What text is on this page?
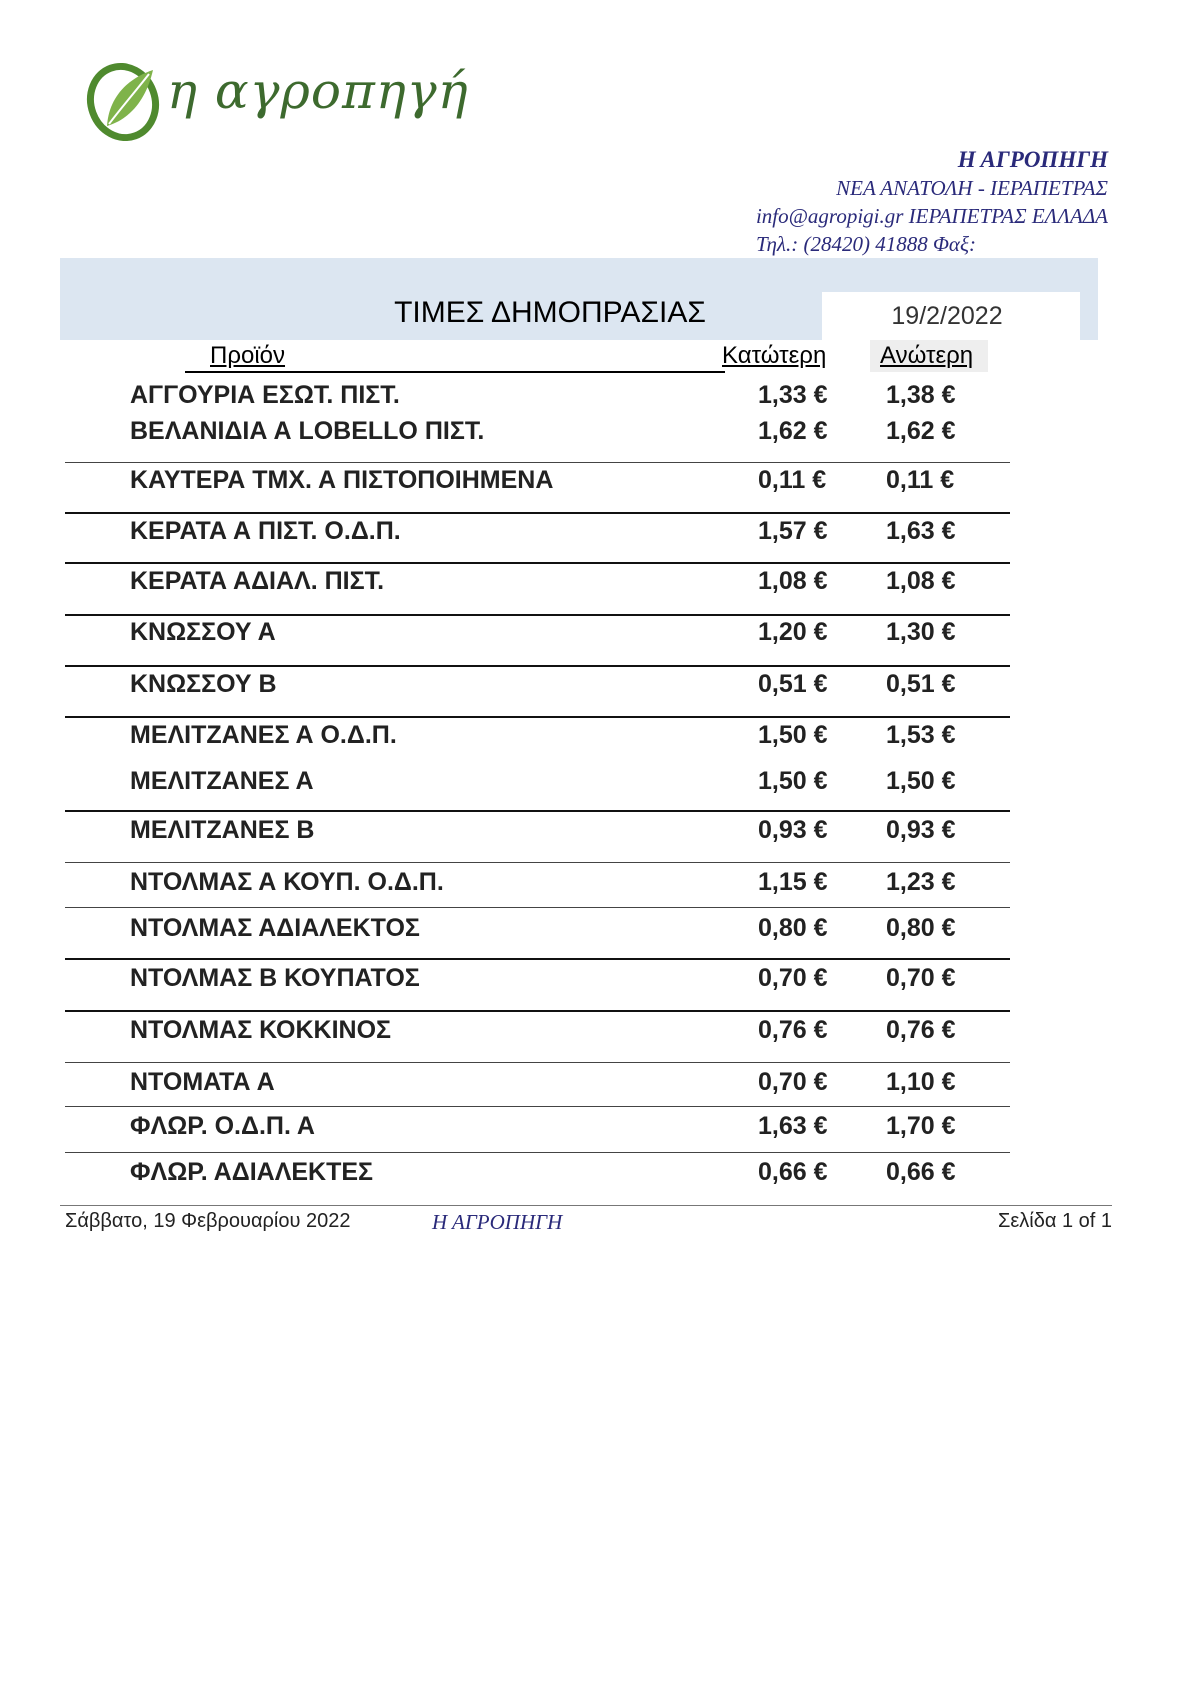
η αγροπηγή
Η ΑΓΡΟΠΗΓΗ
ΝΕΑ ΑΝΑΤΟΛΗ - ΙΕΡΑΠΕΤΡΑΣ
info@agropigi.gr ΙΕΡΑΠΕΤΡΑΣ ΕΛΛΑΔΑ
Τηλ.: (28420) 41888 Φαξ:
ΤΙΜΕΣ ΔΗΜΟΠΡΑΣΙΑΣ	19/2/2022
Προϊόν	Κατώτερη Ανώτερη
ΑΓΓΟΥΡΙΑ ΕΣΩΤ. ΠΙΣΤ.	1,33 €	1,38 €
ΒΕΛΑΝΙΔΙΑ Α LOBELLO ΠΙΣΤ.	1,62 €	1,62 €
ΚΑΥΤΕΡΑ ΤΜΧ. Α ΠΙΣΤΟΠΟΙΗΜΕΝΑ	0,11 €	0,11 €
ΚΕΡΑΤΑ Α ΠΙΣΤ. Ο.Δ.Π.	1,57 €	1,63 €
ΚΕΡΑΤΑ ΑΔΙΑΛ. ΠΙΣΤ.	1,08 €	1,08 €
ΚΝΩΣΣΟΥ Α	1,20 €	1,30 €
ΚΝΩΣΣΟΥ Β	0,51 €	0,51 €
ΜΕΛΙΤΖΑΝΕΣ Α Ο.Δ.Π.	1,50 €	1,53 €
ΜΕΛΙΤΖΑΝΕΣ Α	1,50 €	1,50 €
ΜΕΛΙΤΖΑΝΕΣ Β	0,93 €	0,93 €
ΝΤΟΛΜΑΣ Α ΚΟΥΠ. Ο.Δ.Π.	1,15 €	1,23 €
ΝΤΟΛΜΑΣ ΑΔΙΑΛΕΚΤΟΣ	0,80 €	0,80 €
ΝΤΟΛΜΑΣ Β ΚΟΥΠΑΤΟΣ	0,70 €	0,70 €
ΝΤΟΛΜΑΣ ΚΟΚΚΙΝΟΣ	0,76 €	0,76 €
ΝΤΟΜΑΤΑ Α	0,70 €	1,10 €
ΦΛΩΡ. Ο.Δ.Π. Α	1,63 €	1,70 €
ΦΛΩΡ. ΑΔΙΑΛΕΚΤΕΣ	0,66 €	0,66 €
Σάββατο, 19 Φεβρουαρίου 2022	Η ΑΓΡΟΠΗΓΗ	Σελίδα 1 of 1
